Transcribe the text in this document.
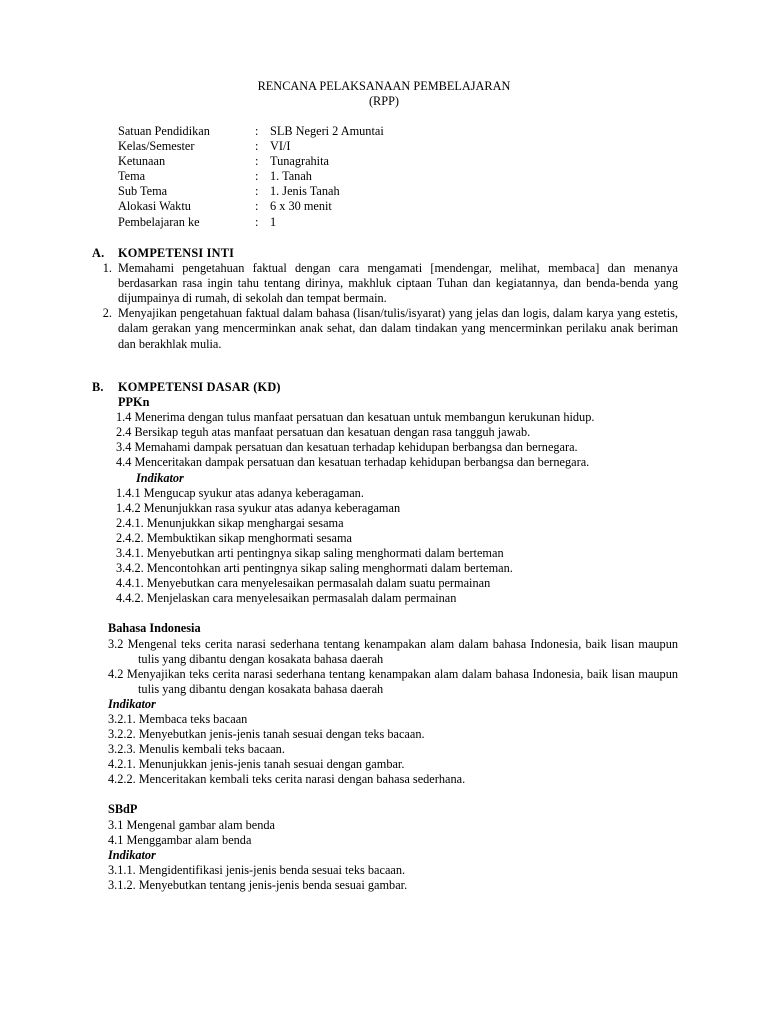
RENCANA PELAKSANAAN PEMBELAJARAN
(RPP)
Satuan Pendidikan	: SLB Negeri 2 Amuntai
Kelas/Semester	: VI/I
Ketunaan	: Tunagrahita
Tema	: 1. Tanah
Sub Tema	: 1. Jenis Tanah
Alokasi Waktu	: 6 x 30 menit
Pembelajaran ke	: 1
A.	KOMPETENSI INTI
1. Memahami pengetahuan faktual dengan cara mengamati [mendengar, melihat, membaca] dan menanya berdasarkan rasa ingin tahu tentang dirinya, makhluk ciptaan Tuhan dan kegiatannya, dan benda-benda yang dijumpainya di rumah, di sekolah dan tempat bermain.
2. Menyajikan pengetahuan faktual dalam bahasa (lisan/tulis/isyarat) yang jelas dan logis, dalam karya yang estetis, dalam gerakan yang mencerminkan anak sehat, dan dalam tindakan yang mencerminkan perilaku anak beriman dan berakhlak mulia.
B.	KOMPETENSI DASAR (KD)
PPKn
1.4 Menerima dengan tulus manfaat persatuan dan kesatuan untuk membangun kerukunan hidup.
2.4 Bersikap teguh atas manfaat persatuan dan kesatuan dengan rasa tangguh jawab.
3.4 Memahami dampak persatuan dan kesatuan terhadap kehidupan berbangsa dan bernegara.
4.4 Menceritakan dampak persatuan dan kesatuan terhadap kehidupan berbangsa dan bernegara.
Indikator
1.4.1 Mengucap syukur atas adanya keberagaman.
1.4.2 Menunjukkan rasa syukur atas adanya keberagaman
2.4.1. Menunjukkan sikap menghargai sesama
2.4.2. Membuktikan sikap menghormati sesama
3.4.1. Menyebutkan arti pentingnya sikap saling menghormati dalam berteman
3.4.2. Mencontohkan arti pentingnya sikap saling menghormati dalam berteman.
4.4.1. Menyebutkan cara menyelesaikan permasalah dalam suatu permainan
4.4.2. Menjelaskan cara menyelesaikan permasalah dalam permainan
Bahasa Indonesia
3.2 Mengenal teks cerita narasi sederhana tentang kenampakan alam dalam bahasa Indonesia, baik lisan maupun tulis yang dibantu dengan kosakata bahasa daerah
4.2 Menyajikan teks cerita narasi sederhana tentang kenampakan alam dalam bahasa Indonesia, baik lisan maupun tulis yang dibantu dengan kosakata bahasa daerah
Indikator
3.2.1. Membaca teks bacaan
3.2.2. Menyebutkan jenis-jenis tanah sesuai dengan teks bacaan.
3.2.3. Menulis kembali teks bacaan.
4.2.1. Menunjukkan jenis-jenis tanah sesuai dengan gambar.
4.2.2. Menceritakan kembali teks cerita narasi dengan bahasa sederhana.
SBdP
3.1 Mengenal gambar alam benda
4.1 Menggambar alam benda
Indikator
3.1.1. Mengidentifikasi jenis-jenis benda sesuai teks bacaan.
3.1.2. Menyebutkan tentang jenis-jenis benda sesuai gambar.
